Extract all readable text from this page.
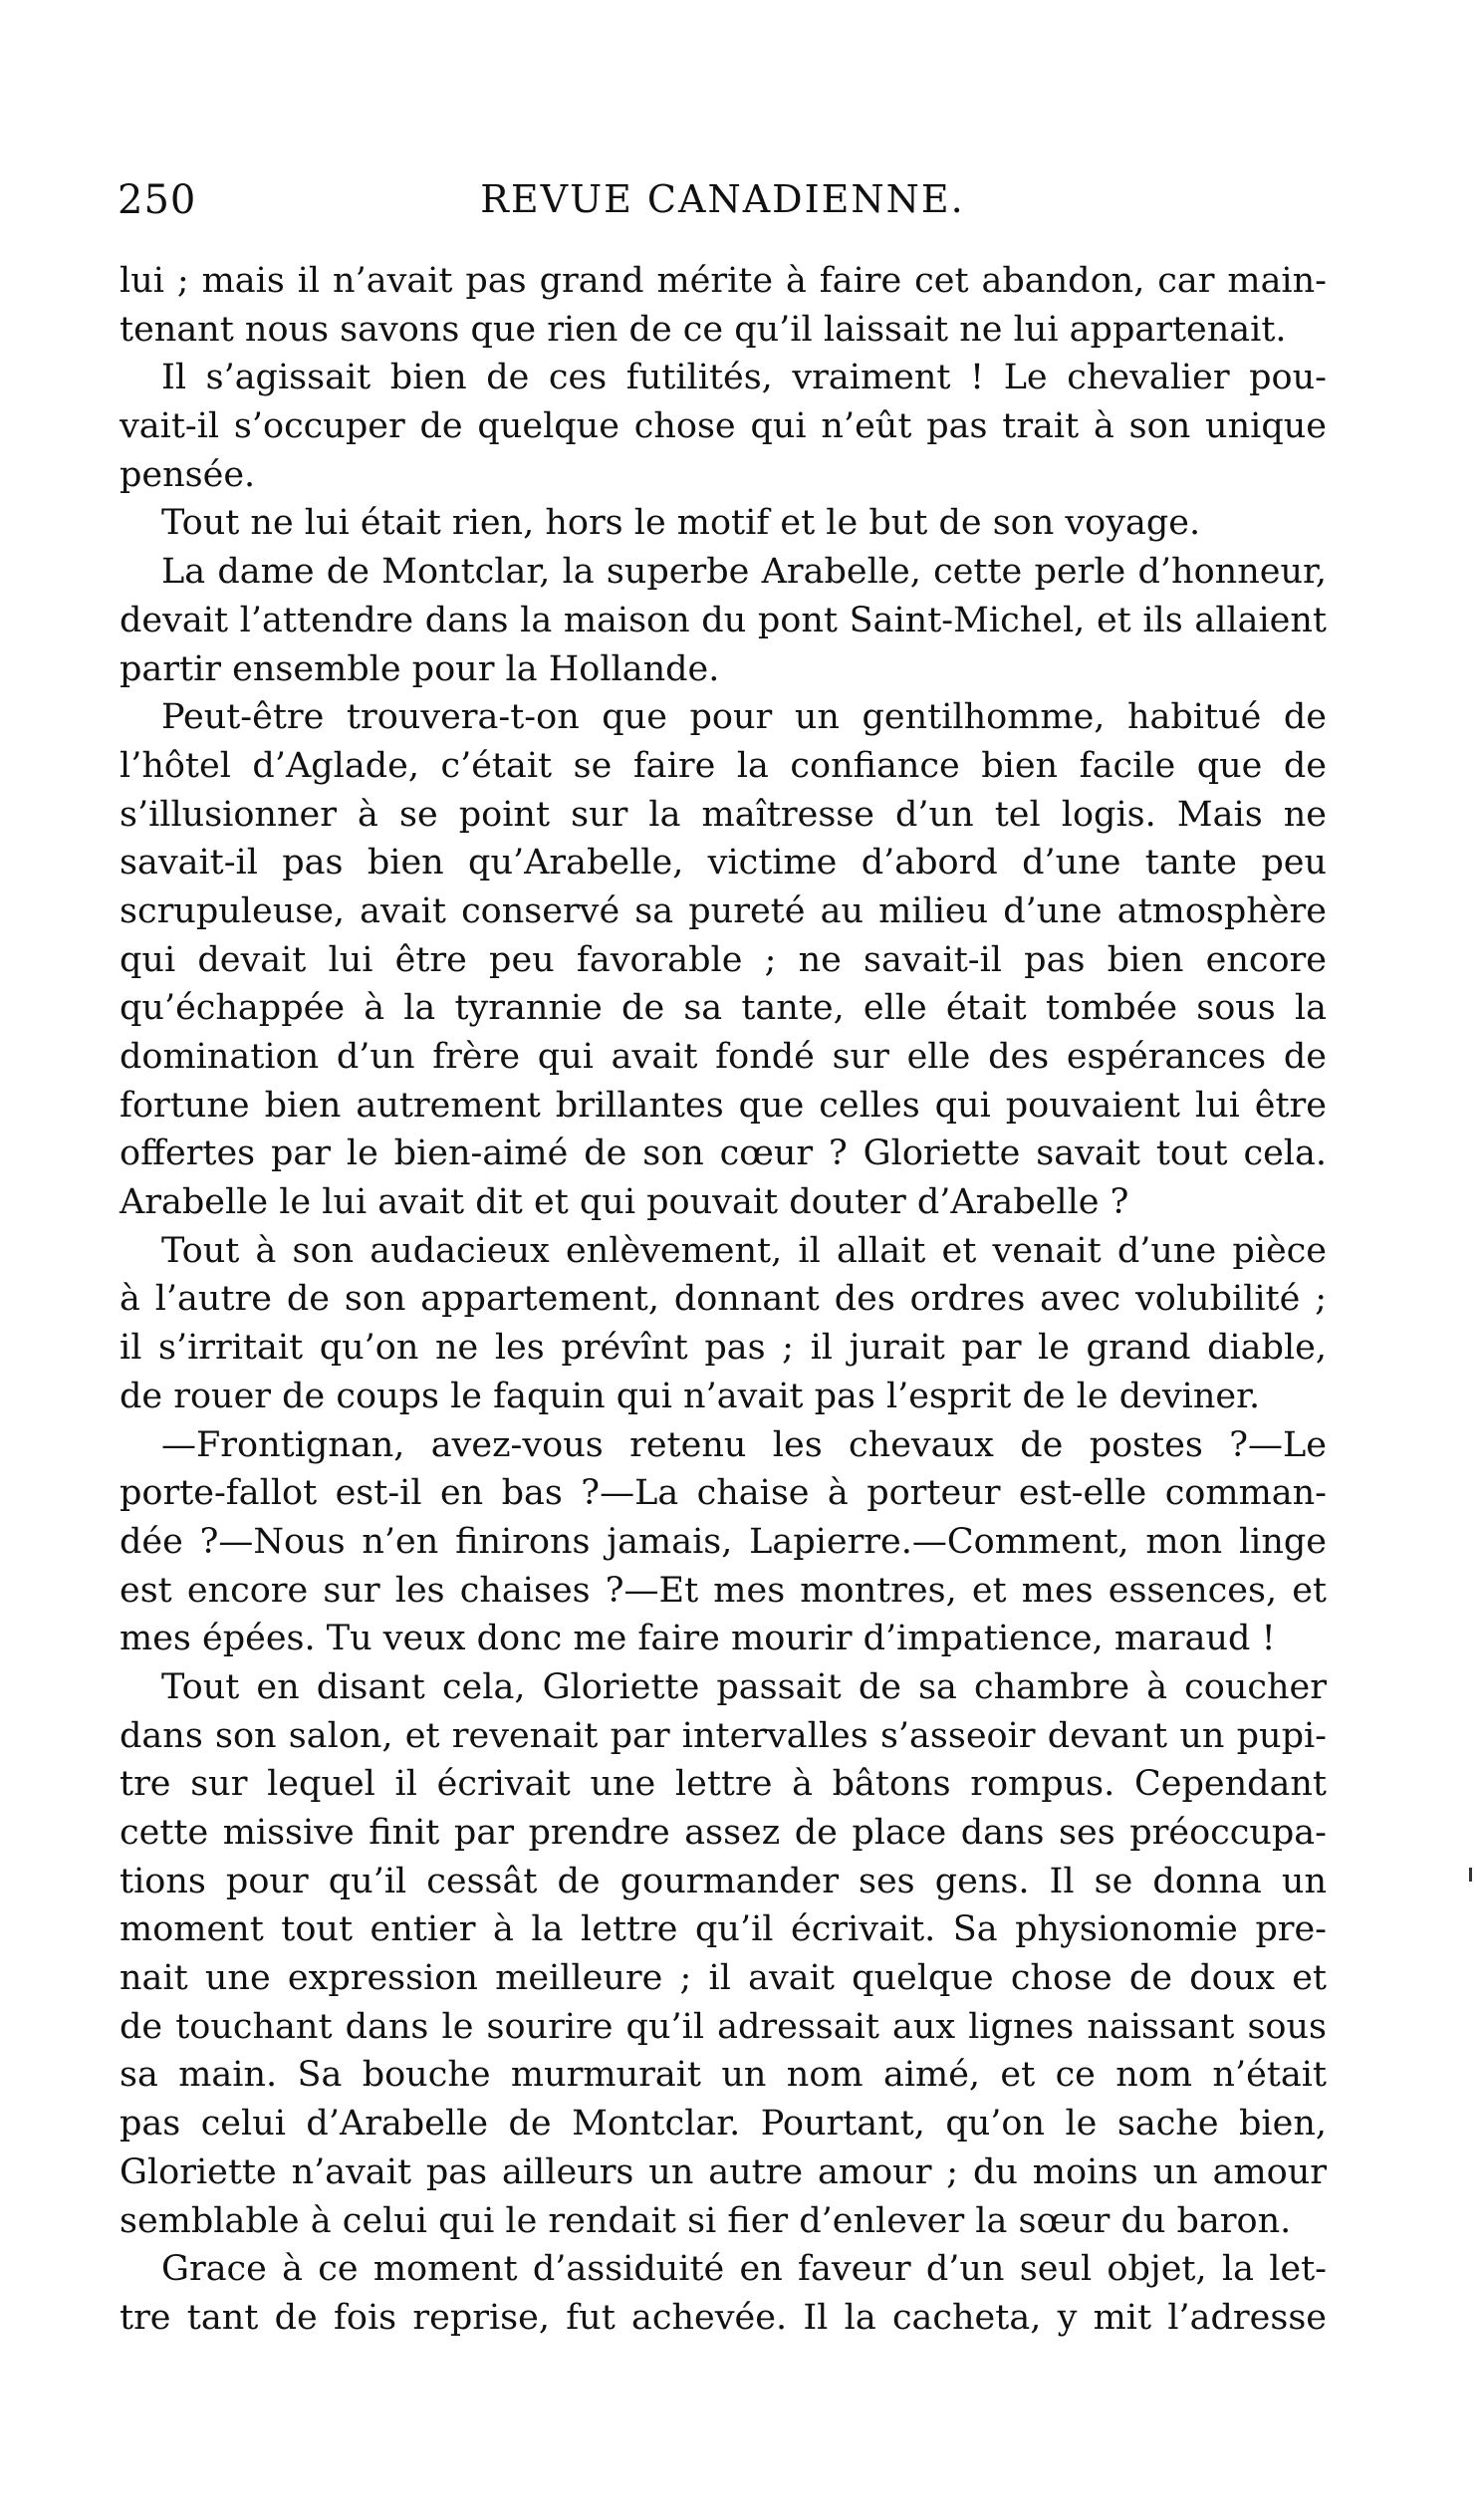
250	REVUE CANADIENNE.

lui ; mais il n’avait pas grand mérite à faire cet abandon, car main-
tenant nous savons que rien de ce qu’il laissait ne lui appartenait.

Il s’agissait bien de ces futilités, vraiment ! Le chevalier pou-
vait-il s’occuper de quelque chose qui n’eût pas trait à son unique
pensée.

Tout ne lui était rien, hors le motif et le but de son voyage.

La dame de Montclar, la superbe Arabelle, cette perle d’honneur,
devait l’attendre dans la maison du pont Saint-Michel, et ils allaient
partir ensemble pour la Hollande.

Peut-être trouvera-t-on que pour un gentilhomme, habitué de
l’hôtel d’Aglade, c’était se faire la confiance bien facile que de
s’illusionner à se point sur la maîtresse d’un tel logis. Mais ne
savait-il pas bien qu’Arabelle, victime d’abord d’une tante peu
scrupuleuse, avait conservé sa pureté au milieu d’une atmosphère
qui devait lui être peu favorable ; ne savait-il pas bien encore
qu’échappée à la tyrannie de sa tante, elle était tombée sous la
domination d’un frère qui avait fondé sur elle des espérances de
fortune bien autrement brillantes que celles qui pouvaient lui être
offertes par le bien-aimé de son cœur ? Gloriette savait tout cela.
Arabelle le lui avait dit et qui pouvait douter d’Arabelle ?

Tout à son audacieux enlèvement, il allait et venait d’une pièce
à l’autre de son appartement, donnant des ordres avec volubilité ;
il s’irritait qu’on ne les prévînt pas ; il jurait par le grand diable,
de rouer de coups le faquin qui n’avait pas l’esprit de le deviner.

—Frontignan, avez-vous retenu les chevaux de postes ?—Le
porte-fallot est-il en bas ?—La chaise à porteur est-elle comman-
dée ?—Nous n’en finirons jamais, Lapierre.—Comment, mon linge
est encore sur les chaises ?—Et mes montres, et mes essences, et
mes épées. Tu veux donc me faire mourir d’impatience, maraud !

Tout en disant cela, Gloriette passait de sa chambre à coucher
dans son salon, et revenait par intervalles s’asseoir devant un pupi-
tre sur lequel il écrivait une lettre à bâtons rompus. Cependant
cette missive finit par prendre assez de place dans ses préoccupa-
tions pour qu’il cessât de gourmander ses gens. Il se donna un
moment tout entier à la lettre qu’il écrivait. Sa physionomie pre-
nait une expression meilleure ; il avait quelque chose de doux et
de touchant dans le sourire qu’il adressait aux lignes naissant sous
sa main. Sa bouche murmurait un nom aimé, et ce nom n’était
pas celui d’Arabelle de Montclar. Pourtant, qu’on le sache bien,
Gloriette n’avait pas ailleurs un autre amour ; du moins un amour
semblable à celui qui le rendait si fier d’enlever la sœur du baron.

Grace à ce moment d’assiduité en faveur d’un seul objet, la let-
tre tant de fois reprise, fut achevée. Il la cacheta, y mit l’adresse
